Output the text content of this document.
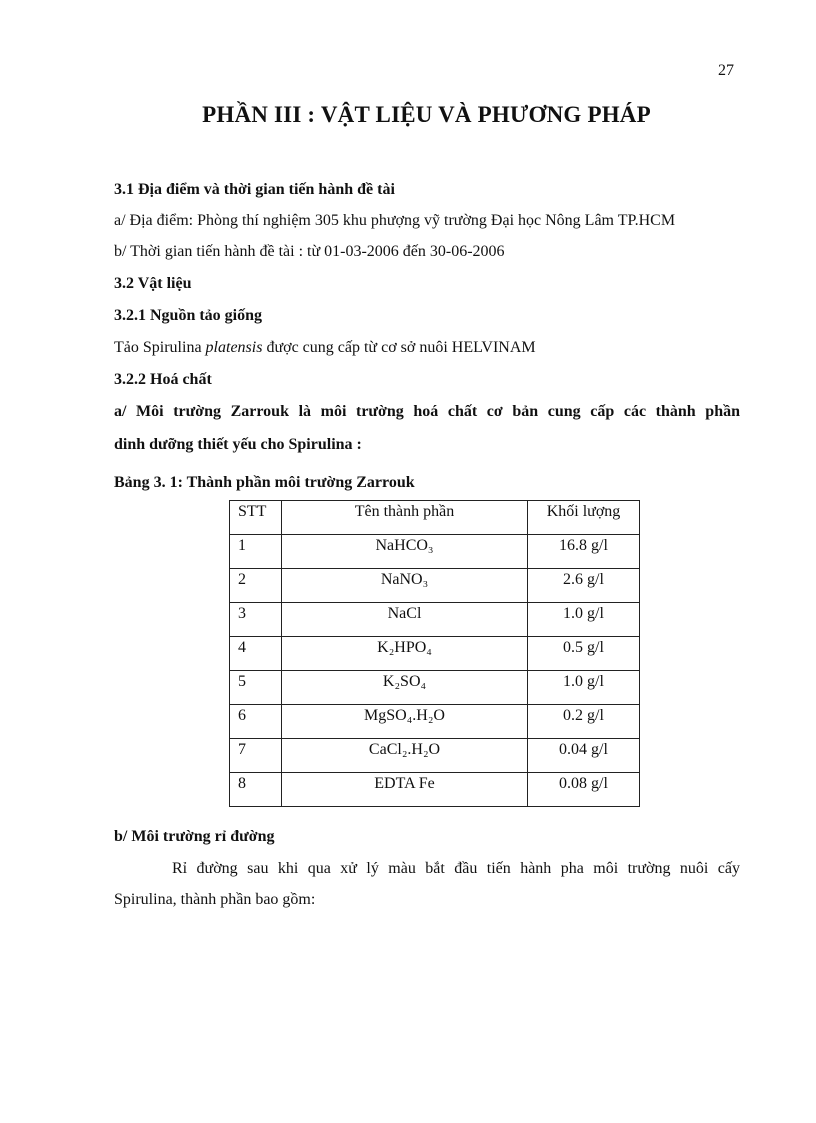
27
PHẦN III : VẬT LIỆU VÀ PHƯƠNG PHÁP
3.1 Địa điểm và thời gian tiến hành đề tài
a/ Địa điểm: Phòng thí nghiệm 305 khu phượng vỹ trường Đại học Nông Lâm TP.HCM
b/ Thời gian tiến hành đề tài : từ 01-03-2006 đến 30-06-2006
3.2 Vật liệu
3.2.1 Nguồn tảo giống
Tảo Spirulina platensis được cung cấp từ cơ sở nuôi HELVINAM
3.2.2 Hoá chất
a/ Môi trường Zarrouk là môi trường hoá chất cơ bản cung cấp các thành phần
dinh dưỡng thiết yếu cho Spirulina :
Bảng 3. 1: Thành phần môi trường Zarrouk
STT	Tên thành phần	Khối lượng
1	NaHCO₃	16.8 g/l
2	NaNO₃	2.6 g/l
3	NaCl	1.0 g/l
4	K₂HPO₄	0.5 g/l
5	K₂SO₄	1.0 g/l
6	MgSO₄.H₂O	0.2 g/l
7	CaCl₂.H₂O	0.04 g/l
8	EDTA Fe	0.08 g/l
b/ Môi trường rỉ đường
Rỉ đường sau khi qua xử lý màu bắt đầu tiến hành pha môi trường nuôi cấy
Spirulina, thành phần bao gồm:
